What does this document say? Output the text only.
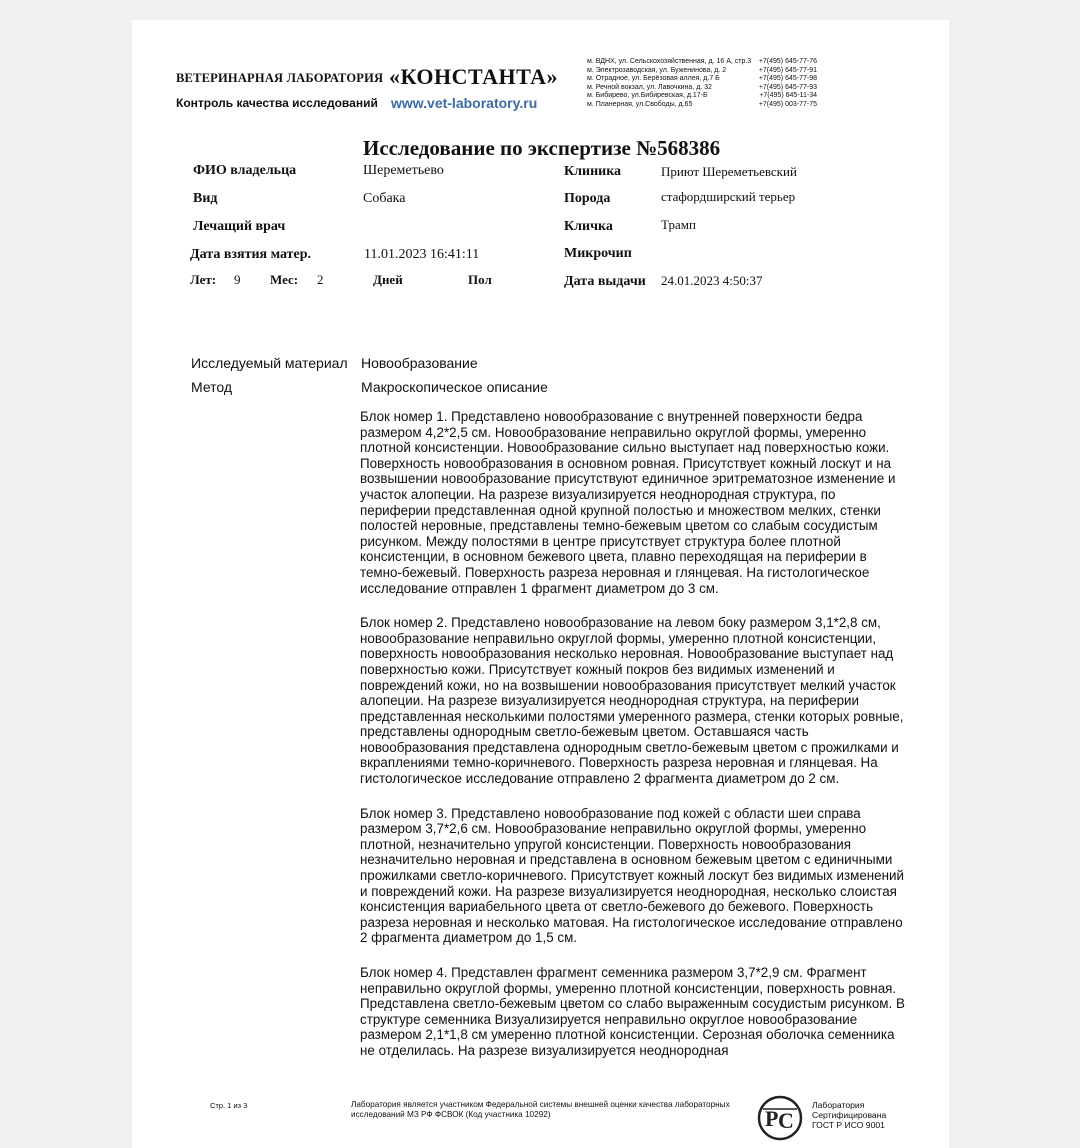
ВЕТЕРИНАРНАЯ ЛАБОРАТОРИЯ «КОНСТАНТА»
Контроль качества исследований www.vet-laboratory.ru
м. ВДНХ, ул. Сельскохозяйственная, д. 16 А, стр.3 +7(495) 645-77-76
м. Электрозаводская, ул. Буженинова, д. 2	+7(495) 645-77-91
м. Отрадное, ул. Берёзовая аллея, д.7 Б	+7(495) 645-77-98
м. Речной вокзал, ул. Лавочкина, д. 32	+7(495) 645-77-93
м. Бибирево, ул.Бибиревская, д.17-Б	+7(495) 645-11-34
м. Планерная, ул.Свободы, д.65	+7(495) 003-77-75
Исследование по экспертизе №568386
ФИО владельца	Шереметьево
Вид	Собака
Лечащий врач
Дата взятия матер.	11.01.2023 16:41:11
Лет: 9 Мес: 2	Дней	Пол
Клиника	Приют Шереметьевский
Порода	стафордширский терьер
Кличка	Трамп
Микрочип
Дата выдачи 24.01.2023 4:50:37
Исследуемый материал Новообразование
Метод	Макроскопическое описание

Блок номер 1. Представлено новообразование с внутренней поверхности бедра размером 4,2*2,5 см. Новообразование неправильно округлой формы, умеренно плотной консистенции. Новообразование сильно выступает над поверхностью кожи. Поверхность новообразования в основном ровная. Присутствует кожный лоскут и на возвышении новообразование присутствуют единичное эритрематозное изменение и участок алопеции. На разрезе визуализируется неоднородная структура, по периферии представленная одной крупной полостью и множеством мелких, стенки полостей неровные, представлены темно-бежевым цветом со слабым сосудистым рисунком. Между полостями в центре присутствует структура более плотной консистенции, в основном бежевого цвета, плавно переходящая на периферии в темно-бежевый. Поверхность разреза неровная и глянцевая. На гистологическое исследование отправлен 1 фрагмент диаметром до 3 см.

Блок номер 2. Представлено новообразование на левом боку размером 3,1*2,8 см, новообразование неправильно округлой формы, умеренно плотной консистенции, поверхность новообразования несколько неровная. Новообразование выступает над поверхностью кожи. Присутствует кожный покров без видимых изменений и повреждений кожи, но на возвышении новообразования присутствует мелкий участок алопеции. На разрезе визуализируется неоднородная структура, на периферии представленная несколькими полостями умеренного размера, стенки которых ровные, представлены однородным светло-бежевым цветом. Оставшаяся часть новообразования представлена однородным светло-бежевым цветом с прожилками и вкраплениями темно-коричневого. Поверхность разреза неровная и глянцевая. На гистологическое исследование отправлено 2 фрагмента диаметром до 2 см.

Блок номер 3. Представлено новообразование под кожей с области шеи справа размером 3,7*2,6 см. Новообразование неправильно округлой формы, умеренно плотной, незначительно упругой консистенции. Поверхность новообразования незначительно неровная и представлена в основном бежевым цветом с единичными прожилками светло-коричневого. Присутствует кожный лоскут без видимых изменений и повреждений кожи. На разрезе визуализируется неоднородная, несколько слоистая консистенция вариабельного цвета от светло-бежевого до бежевого. Поверхность разреза неровная и несколько матовая. На гистологическое исследование отправлено 2 фрагмента диаметром до 1,5 см.

Блок номер 4. Представлен фрагмент семенника размером 3,7*2,9 см. Фрагмент неправильно округлой формы, умеренно плотной консистенции, поверхность ровная. Представлена светло-бежевым цветом со слабо выраженным сосудистым рисунком. В структуре семенника Визуализируется неправильно округлое новообразование размером 2,1*1,8 см умеренно плотной консистенции. Серозная оболочка семенника не отделилась. На разрезе визуализируется неоднородная

Стр. 1 из 3	Лаборатория является участником Федеральной системы внешней оценки качества лабораторных исследований МЗ РФ ФСВОК (Код участника 10292)	Р С
Лаборатория
Сертифицирована
ГОСТ Р ИСО 9001
